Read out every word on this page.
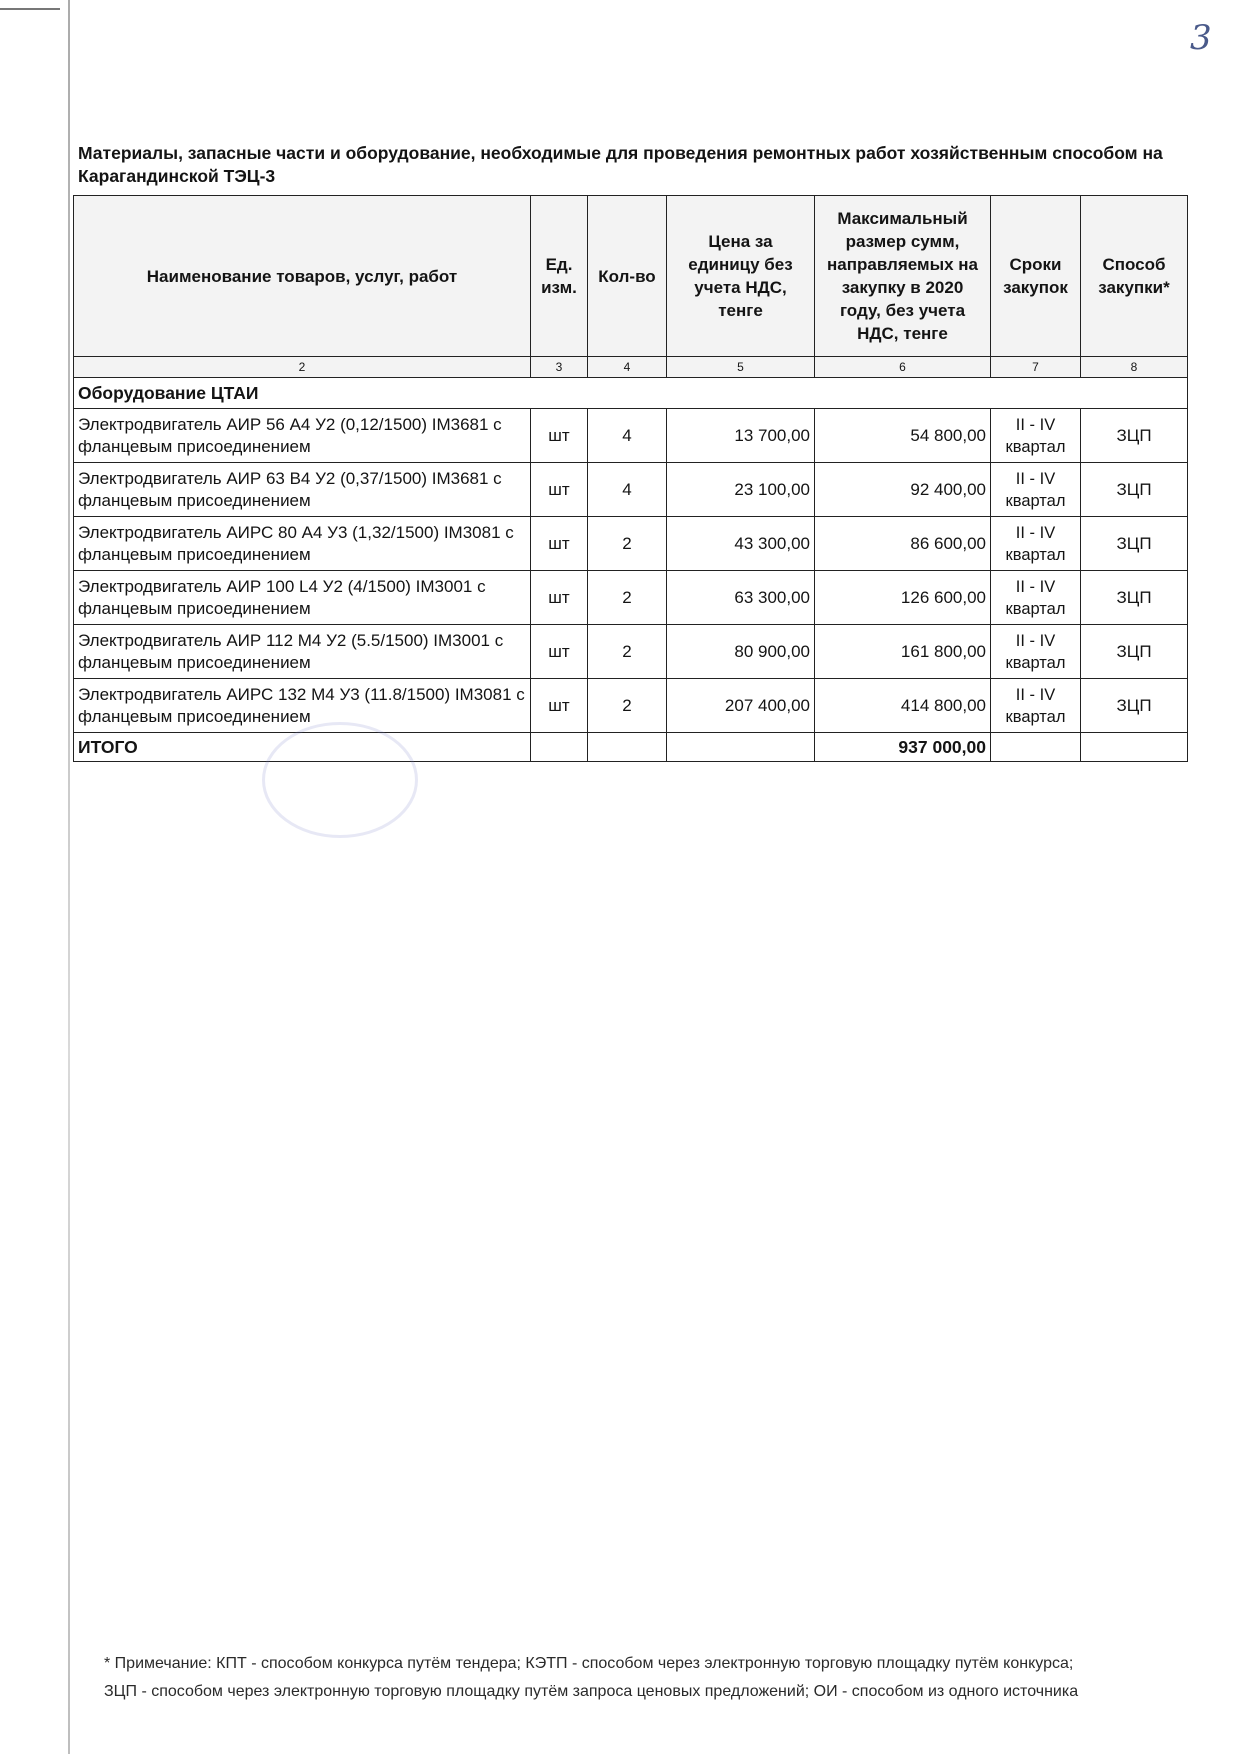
3
Материалы, запасные части и оборудование, необходимые для проведения ремонтных работ хозяйственным способом на Карагандинской ТЭЦ-3
Наименование товаров, услуг, работ	Ед. изм.	Кол-во	Цена за единицу без учета НДС, тенге	Максимальный размер сумм, направляемых на закупку в 2020 году, без учета НДС, тенге	Сроки закупок	Способ закупки*
2	3	4	5	6	7	8
Оборудование ЦТАИ						
Электродвигатель АИР 56 А4 У2 (0,12/1500) IM3681 с фланцевым присоединением	шт	4	13 700,00	54 800,00	II - IV квартал	ЗЦП
Электродвигатель АИР 63 В4 У2 (0,37/1500) IM3681 с фланцевым присоединением	шт	4	23 100,00	92 400,00	II - IV квартал	ЗЦП
Электродвигатель АИРС 80 А4 У3 (1,32/1500) IM3081 с фланцевым присоединением	шт	2	43 300,00	86 600,00	II - IV квартал	ЗЦП
Электродвигатель АИР 100 L4 У2 (4/1500) IM3001 с фланцевым присоединением	шт	2	63 300,00	126 600,00	II - IV квартал	ЗЦП
Электродвигатель АИР 112 М4 У2 (5.5/1500) IM3001 с фланцевым присоединением	шт	2	80 900,00	161 800,00	II - IV квартал	ЗЦП
Электродвигатель АИРС 132 М4 У3 (11.8/1500) IM3081 с фланцевым присоединением	шт	2	207 400,00	414 800,00	II - IV квартал	ЗЦП
ИТОГО				937 000,00		
* Примечание: КПТ - способом конкурса путём тендера; КЭТП - способом через электронную торговую площадку путём конкурса; ЗЦП - способом через электронную торговую площадку путём запроса ценовых предложений; ОИ - способом из одного источника
